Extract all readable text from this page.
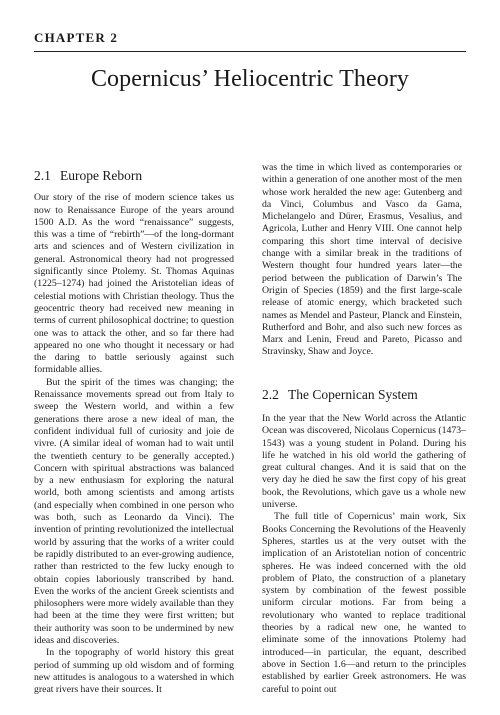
CHAPTER 2
Copernicus’ Heliocentric Theory
2.1 Europe Reborn

Our story of the rise of modern science takes us now to Renaissance Europe of the years around 1500 A.D. As the word “renaissance” suggests, this was a time of “rebirth”—of the long-dormant arts and sciences and of Western civilization in general. Astronomical theory had not progressed significantly since Ptolemy. St. Thomas Aquinas (1225–1274) had joined the Aristotelian ideas of celestial motions with Christian theology. Thus the geocentric theory had received new meaning in terms of current philosophical doctrine; to question one was to attack the other, and so far there had appeared no one who thought it necessary or had the daring to battle seriously against such formidable allies.

But the spirit of the times was changing; the Renaissance movements spread out from Italy to sweep the Western world, and within a few generations there arose a new ideal of man, the confident individual full of curiosity and joie de vivre. (A similar ideal of woman had to wait until the twentieth century to be generally accepted.) Concern with spiritual abstractions was balanced by a new enthusiasm for exploring the natural world, both among scientists and among artists (and especially when combined in one person who was both, such as Leonardo da Vinci). The invention of printing revolutionized the intellectual world by assuring that the works of a writer could be rapidly distributed to an ever-growing audience, rather than restricted to the few lucky enough to obtain copies laboriously transcribed by hand. Even the works of the ancient Greek scientists and philosophers were more widely available than they had been at the time they were first written; but their authority was soon to be undermined by new ideas and discoveries.

In the topography of world history this great period of summing up old wisdom and of forming new attitudes is analogous to a watershed in which great rivers have their sources. It

was the time in which lived as contemporaries or within a generation of one another most of the men whose work heralded the new age: Gutenberg and da Vinci, Columbus and Vasco da Gama, Michelangelo and Dürer, Erasmus, Vesalius, and Agricola, Luther and Henry VIII. One cannot help comparing this short time interval of decisive change with a similar break in the traditions of Western thought four hundred years later—the period between the publication of Darwin’s The Origin of Species (1859) and the first large-scale release of atomic energy, which bracketed such names as Mendel and Pasteur, Planck and Einstein, Rutherford and Bohr, and also such new forces as Marx and Lenin, Freud and Pareto, Picasso and Stravinsky, Shaw and Joyce.

2.2 The Copernican System

In the year that the New World across the Atlantic Ocean was discovered, Nicolaus Copernicus (1473–1543) was a young student in Poland. During his life he watched in his old world the gathering of great cultural changes. And it is said that on the very day he died he saw the first copy of his great book, the Revolutions, which gave us a whole new universe.

The full title of Copernicus’ main work, Six Books Concerning the Revolutions of the Heavenly Spheres, startles us at the very outset with the implication of an Aristotelian notion of concentric spheres. He was indeed concerned with the old problem of Plato, the construction of a planetary system by combination of the fewest possible uniform circular motions. Far from being a revolutionary who wanted to replace traditional theories by a radical new one, he wanted to eliminate some of the innovations Ptolemy had introduced—in particular, the equant, described above in Section 1.6—and return to the principles established by earlier Greek astronomers. He was careful to point out
